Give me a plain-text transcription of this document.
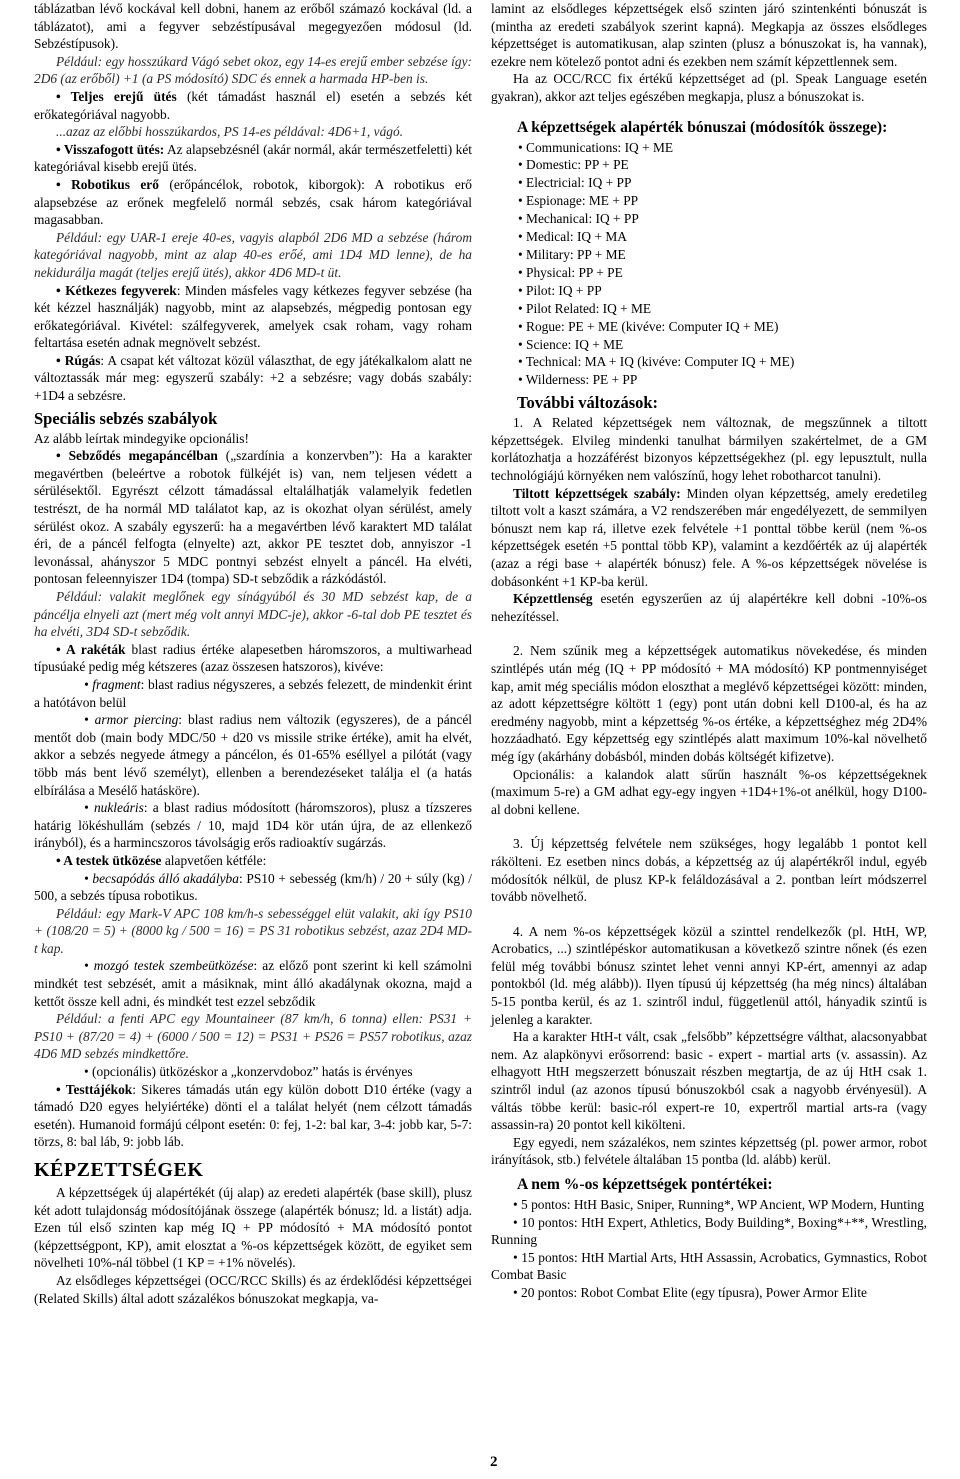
táblázatban lévő kockával kell dobni, hanem az erőből számazó kockával (ld. a táblázatot), ami a fegyver sebzéstípusával megegyezően módosul (ld. Sebzéstípusok).

Például: egy hosszúkard Vágó sebet okoz, egy 14-es erejű ember sebzése így: 2D6 (az erőből) +1 (a PS módosító) SDC és ennek a harmada HP-ben is.

• Teljes erejű ütés (két támadást használ el) esetén a sebzés két erőkategóriával nagyobb.

...azaz az előbbi hosszúkardos, PS 14-es példával: 4D6+1, vágó.

• Visszafogott ütés: Az alapsebzésnél (akár normál, akár természetfeletti) két kategóriával kisebb erejű ütés.

• Robotikus erő (erőpáncélok, robotok, kiborgok): A robotikus erő alapsebzése az erőnek megfelelő normál sebzés, csak három kategóriával magasabban.

Például: egy UAR-1 ereje 40-es, vagyis alapból 2D6 MD a sebzése (három kategóriával nagyobb, mint az alap 40-es erőé, ami 1D4 MD lenne), de ha nekidurálja magát (teljes erejű ütés), akkor 4D6 MD-t üt.

• Kétkezes fegyverek: Minden másfeles vagy kétkezes fegyver sebzése (ha két kézzel használják) nagyobb, mint az alapsebzés, mégpedig pontosan egy erőkategóriával. Kivétel: szálfegyverek, amelyek csak roham, vagy roham feltartása esetén adnak megnövelt sebzést.

• Rúgás: A csapat két változat közül választhat, de egy játékalkalom alatt ne változtassák már meg: egyszerű szabály: +2 a sebzésre; vagy dobás szabály: +1D4 a sebzésre.

Speciális sebzés szabályok

Az alább leírtak mindegyike opcionális!

• Sebződés megapáncélban („szardínia a konzervben”): Ha a karakter megavértben (beleértve a robotok fülkéjét is) van, nem teljesen védett a sérülésektől. Egyrészt célzott támadással eltalálhatják valamelyik fedetlen testrészt, de ha normál MD találatot kap, az is okozhat olyan sérülést, amely sérülést okoz. A szabály egyszerű: ha a megavértben lévő karaktert MD találat éri, de a páncél felfogta (elnyelte) azt, akkor PE tesztet dob, annyiszor -1 levonással, ahányszor 5 MDC pontnyi sebzést elnyelt a páncél. Ha elvéti, pontosan feleennyiszer 1D4 (tompa) SD-t sebződik a rázkódástól.

Például: valakit meglőnek egy sínágyúból és 30 MD sebzést kap, de a páncélja elnyeli azt (mert még volt annyi MDC-je), akkor -6-tal dob PE tesztet és ha elvéti, 3D4 SD-t sebződik.

• A rakéták blast radius értéke alapesetben háromszoros, a multiwarhead típusúaké pedig még kétszeres (azaz összesen hatszoros), kivéve:

• fragment: blast radius négyszeres, a sebzés felezett, de mindenkit érint a hatótávon belül

• armor piercing: blast radius nem változik (egyszeres), de a páncél mentőt dob (main body MDC/50 + d20 vs missile strike értéke), amit ha elvét, akkor a sebzés negyede átmegy a páncélon, és 01-65% eséllyel a pilótát (vagy több más bent lévő személyt), ellenben a berendezéseket találja el (a hatás elbírálása a Mesélő hatásköre).

• nukleáris: a blast radius módosított (háromszoros), plusz a tízszeres határig lökéshullám (sebzés / 10, majd 1D4 kör után újra, de az ellenkező irányból), és a harmincszoros távolságig erős radioaktív sugárzás.

• A testek ütközése alapvetően kétféle:

• becsapódás álló akadályba: PS10 + sebesség (km/h) / 20 + súly (kg) / 500, a sebzés típusa robotikus.

Például: egy Mark-V APC 108 km/h-s sebességgel elüt valakit, aki így PS10 + (108/20 = 5) + (8000 kg / 500 = 16) = PS 31 robotikus sebzést, azaz 2D4 MD-t kap.

• mozgó testek szembeütközése: az előző pont szerint ki kell számolni mindkét test sebzését, amit a másiknak, mint álló akadálynak okozna, majd a kettőt össze kell adni, és mindkét test ezzel sebződik

Például: a fenti APC egy Mountaineer (87 km/h, 6 tonna) ellen: PS31 + PS10 + (87/20 = 4) + (6000 / 500 = 12) = PS31 + PS26 = PS57 robotikus, azaz 4D6 MD sebzés mindkettőre.

• (opcionális) ütközéskor a „konzervdoboz” hatás is érvényes

• Testtájékok: Sikeres támadás után egy külön dobott D10 értéke (vagy a támadó D20 egyes helyiértéke) dönti el a találat helyét (nem célzott támadás esetén). Humanoid formájú célpont esetén: 0: fej, 1-2: bal kar, 3-4: jobb kar, 5-7: törzs, 8: bal láb, 9: jobb láb.

KÉPZETTSÉGEK

A képzettségek új alapértékét (új alap) az eredeti alapérték (base skill), plusz két adott tulajdonság módosítójának összege (alapérték bónusz; ld. a listát) adja. Ezen túl első szinten kap még IQ + PP módosító + MA módosító pontot (képzettségpont, KP), amit elosztat a %-os képzettségek között, de egyiket sem növelheti 10%-nál többel (1 KP = +1% növelés).

Az elsődleges képzettségei (OCC/RCC Skills) és az érdeklődési képzettségei (Related Skills) által adott százalékos bónuszokat megkapja, va-

lamint az elsődleges képzettségek első szinten járó szintenkénti bónuszát is (mintha az eredeti szabályok szerint kapná). Megkapja az összes elsődleges képzettséget is automatikusan, alap szinten (plusz a bónuszokat is, ha vannak), ezekre nem kötelező pontot adni és ezekben nem számít képzettlennek sem.

Ha az OCC/RCC fix értékű képzettséget ad (pl. Speak Language esetén gyakran), akkor azt teljes egészében megkapja, plusz a bónuszokat is.

A képzettségek alapérték bónuszai (módosítók összege):
• Communications: IQ + ME
• Domestic: PP + PE
• Electricial: IQ + PP
• Espionage: ME + PP
• Mechanical: IQ + PP
• Medical: IQ + MA
• Military: PP + ME
• Physical: PP + PE
• Pilot: IQ + PP
• Pilot Related: IQ + ME
• Rogue: PE + ME (kivéve: Computer IQ + ME)
• Science: IQ + ME
• Technical: MA + IQ (kivéve: Computer IQ + ME)
• Wilderness: PE + PP
További változások:

1. A Related képzettségek nem változnak, de megszűnnek a tiltott képzettségek. Elvileg mindenki tanulhat bármilyen szakértelmet, de a GM korlátozhatja a hozzáférést bizonyos képzettségekhez (pl. egy lepusztult, nulla technológiájú környéken nem valószínű, hogy lehet robotharcot tanulni).

Tiltott képzettségek szabály: Minden olyan képzettség, amely eredetileg tiltott volt a kaszt számára, a V2 rendszerében már engedélyezett, de semmilyen bónuszt nem kap rá, illetve ezek felvétele +1 ponttal többe kerül (nem %-os képzettségek esetén +5 ponttal több KP), valamint a kezdőérték az új alapérték (azaz a régi base + alapérték bónusz) fele. A %-os képzettségek növelése is dobásonként +1 KP-ba kerül.

Képzettlenség esetén egyszerűen az új alapértékre kell dobni -10%-os nehezítéssel.

2. Nem szűnik meg a képzettségek automatikus növekedése, és minden szintlépés után még (IQ + PP módosító + MA módosító) KP pontmennyiséget kap, amit még speciális módon eloszthat a meglévő képzettségei között: minden, az adott képzettségre költött 1 (egy) pont után dobni kell D100-al, és ha az eredmény nagyobb, mint a képzettség %-os értéke, a képzettséghez még 2D4% hozzáadható. Egy képzettség egy szintlépés alatt maximum 10%-kal növelhető még így (akárhány dobásból, minden dobás költségét kifizetve).

Opcionális: a kalandok alatt sűrűn használt %-os képzettségeknek (maximum 5-re) a GM adhat egy-egy ingyen +1D4+1%-ot anélkül, hogy D100-al dobni kellene.

3. Új képzettség felvétele nem szükséges, hogy legalább 1 pontot kell rákölteni. Ez esetben nincs dobás, a képzettség az új alapértékről indul, egyéb módosítók nélkül, de plusz KP-k feláldozásával a 2. pontban leírt módszerrel tovább növelhető.

4. A nem %-os képzettségek közül a szinttel rendelkezők (pl. HtH, WP, Acrobatics, ...) szintlépéskor automatikusan a következő szintre nőnek (és ezen felül még további bónusz szintet lehet venni annyi KP-ért, amennyi az adap pontokból (ld. még alább)). Ilyen típusú új képzettség (ha még nincs) általában 5-15 pontba kerül, és az 1. szintről indul, függetlenül attól, hányadik szintű is jelenleg a karakter.

Ha a karakter HtH-t vált, csak „felsőbb” képzettségre válthat, alacsonyabbat nem. Az alapkönyvi erősorrend: basic - expert - martial arts (v. assassin). Az elhagyott HtH megszerzett bónuszait részben megtartja, de az új HtH csak 1. szintről indul (az azonos típusú bónuszokból csak a nagyobb érvényesül). A váltás többe kerül: basic-ról expert-re 10, expertről martial arts-ra (vagy assassin-ra) 20 pontot kell kikölteni.

Egy egyedi, nem százalékos, nem szintes képzettség (pl. power armor, robot irányítások, stb.) felvétele általában 15 pontba (ld. alább) kerül.

A nem %-os képzettségek pontértékei:

• 5 pontos: HtH Basic, Sniper, Running*, WP Ancient, WP Modern, Hunting

• 10 pontos: HtH Expert, Athletics, Body Building*, Boxing*+**, Wrestling, Running

• 15 pontos: HtH Martial Arts, HtH Assassin, Acrobatics, Gymnastics, Robot Combat Basic

• 20 pontos: Robot Combat Elite (egy típusra), Power Armor Elite

2
